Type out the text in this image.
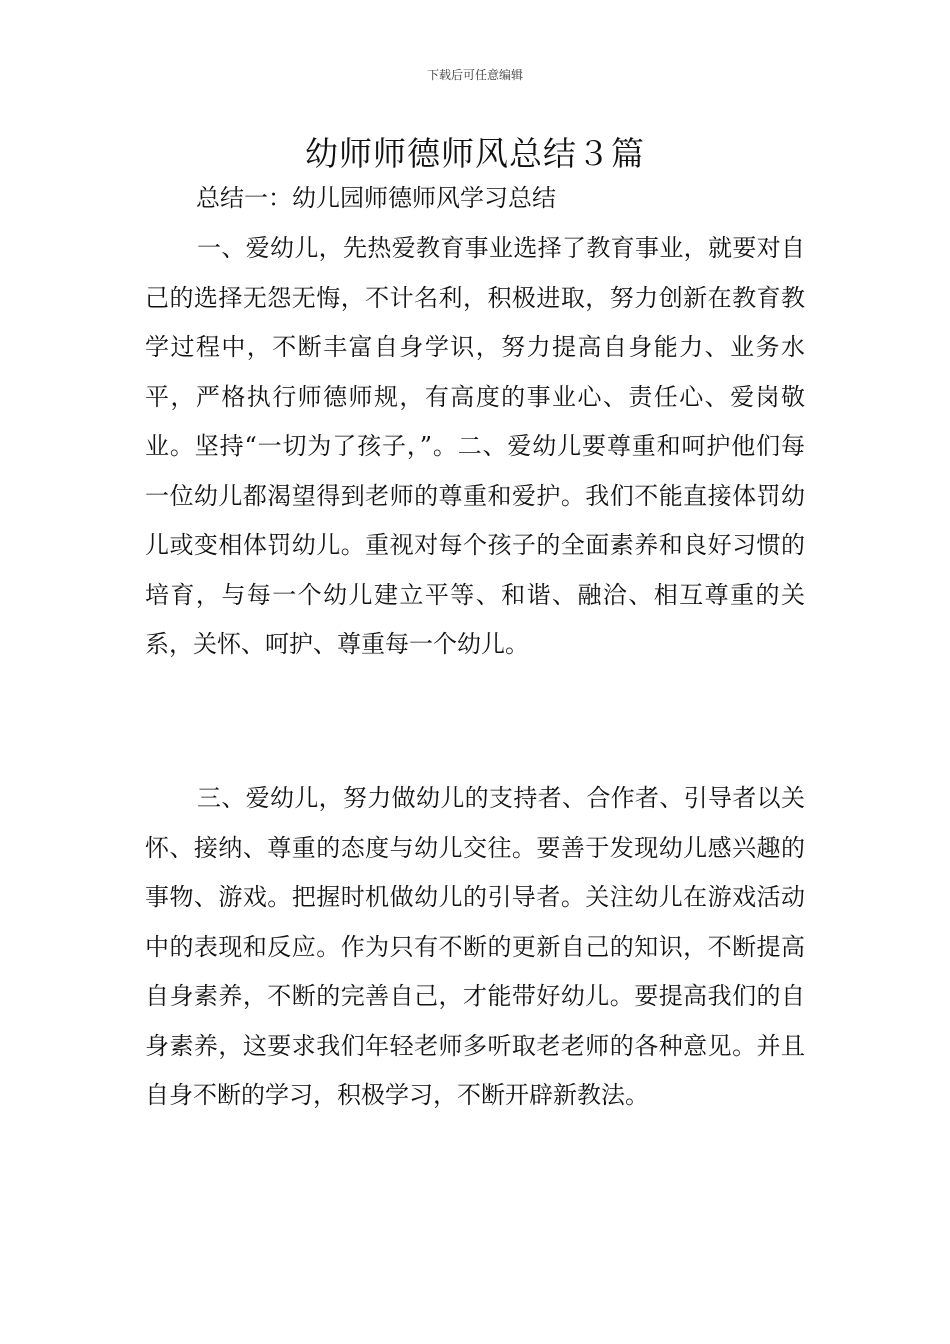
下载后可任意编辑
幼师师德师风总结３篇
总结一：幼儿园师德师风学习总结

一、爱幼儿，先热爱教育事业选择了教育事业，就要对自己的选择无怨无悔，不计名利，积极进取，努力创新在教育教学过程中，不断丰富自身学识，努力提高自身能力、业务水平，严格执行师德师规，有高度的事业心、责任心、爱岗敬业。坚持“一切为了孩子，”。二、爱幼儿要尊重和呵护他们每一位幼儿都渴望得到老师的尊重和爱护。我们不能直接体罚幼儿或变相体罚幼儿。重视对每个孩子的全面素养和良好习惯的培育，与每一个幼儿建立平等、和谐、融洽、相互尊重的关系，关怀、呵护、尊重每一个幼儿。

三、爱幼儿，努力做幼儿的支持者、合作者、引导者以关怀、接纳、尊重的态度与幼儿交往。要善于发现幼儿感兴趣的事物、游戏。把握时机做幼儿的引导者。关注幼儿在游戏活动中的表现和反应。作为只有不断的更新自己的知识，不断提高自身素养，不断的完善自己，才能带好幼儿。要提高我们的自身素养，这要求我们年轻老师多听取老老师的各种意见。并且自身不断的学习，积极学习，不断开辟新教法。
